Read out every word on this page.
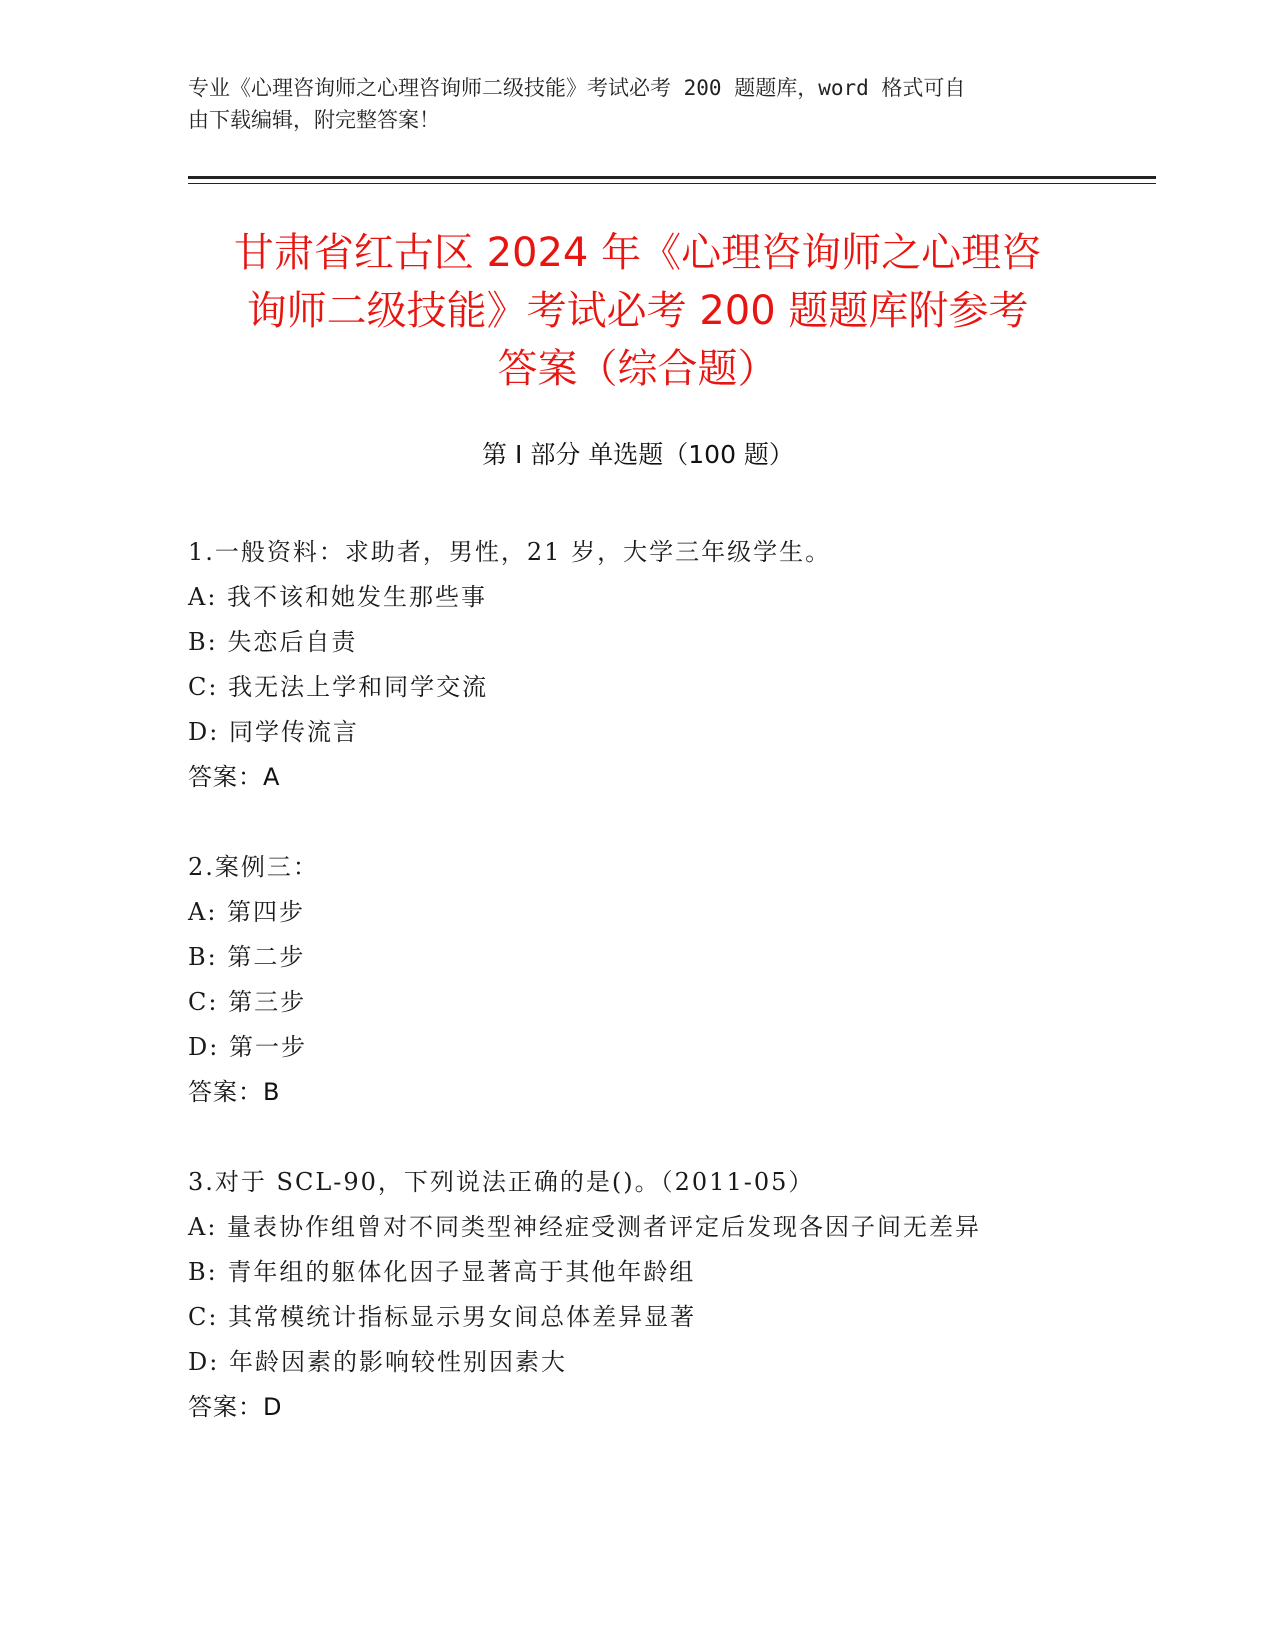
专业《心理咨询师之心理咨询师二级技能》考试必考 200 题题库，word 格式可自
由下载编辑，附完整答案！
甘肃省红古区 2024 年《心理咨询师之心理咨
询师二级技能》考试必考 200 题题库附参考
答案（综合题）
第 I 部分 单选题（100 题）
1.一般资料：求助者，男性，21 岁，大学三年级学生。
A: 我不该和她发生那些事
B: 失恋后自责
C: 我无法上学和同学交流
D: 同学传流言
答案：A
2.案例三：
A: 第四步
B: 第二步
C: 第三步
D: 第一步
答案：B
3.对于 SCL-90，下列说法正确的是()。（2011-05）
A: 量表协作组曾对不同类型神经症受测者评定后发现各因子间无差异
B: 青年组的躯体化因子显著高于其他年龄组
C: 其常模统计指标显示男女间总体差异显著
D: 年龄因素的影响较性别因素大
答案：D
